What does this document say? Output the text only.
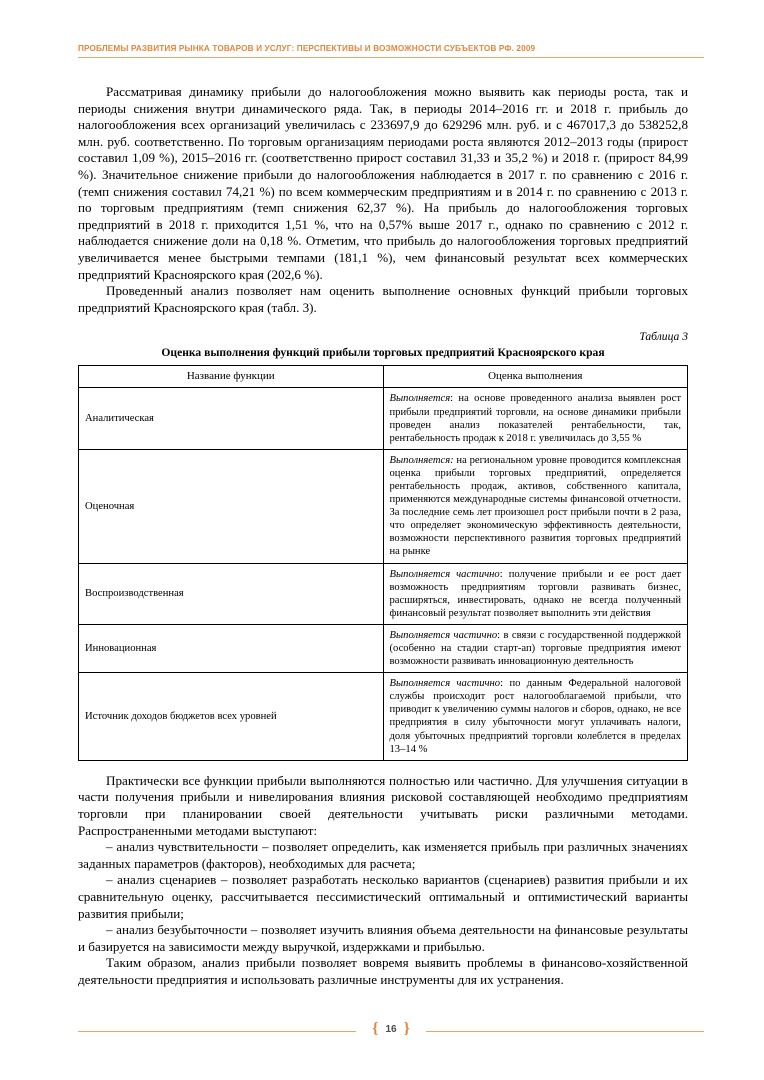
ПРОБЛЕМЫ РАЗВИТИЯ РЫНКА ТОВАРОВ И УСЛУГ: ПЕРСПЕКТИВЫ И ВОЗМОЖНОСТИ СУБЪЕКТОВ РФ. 2009

Рассматривая динамику прибыли до налогообложения можно выявить как периоды роста, так и периоды снижения внутри динамического ряда. Так, в периоды 2014–2016 гг. и 2018 г. прибыль до налогообложения всех организаций увеличилась с 233697,9 до 629296 млн. руб. и с 467017,3 до 538252,8 млн. руб. соответственно. По торговым организациям периодами роста являются 2012–2013 годы (прирост составил 1,09 %), 2015–2016 гг. (соответственно прирост составил 31,33 и 35,2 %) и 2018 г. (прирост 84,99 %). Значительное снижение прибыли до налогообложения наблюдается в 2017 г. по сравнению с 2016 г. (темп снижения составил 74,21 %) по всем коммерческим предприятиям и в 2014 г. по сравнению с 2013 г. по торговым предприятиям (темп снижения 62,37 %). На прибыль до налогообложения торговых предприятий в 2018 г. приходится 1,51 %, что на 0,57% выше 2017 г., однако по сравнению с 2012 г. наблюдается снижение доли на 0,18 %. Отметим, что прибыль до налогообложения торговых предприятий увеличивается менее быстрыми темпами (181,1 %), чем финансовый результат всех коммерческих предприятий Красноярского края (202,6 %).

Проведенный анализ позволяет нам оценить выполнение основных функций прибыли торговых предприятий Красноярского края (табл. 3).

Таблица 3
Оценка выполнения функций прибыли торговых предприятий Красноярского края
Название функции	Оценка выполнения
Аналитическая	Выполняется: на основе проведенного анализа выявлен рост прибыли предприятий торговли, на основе динамики прибыли проведен анализ показателей рентабельности, так, рентабельность продаж к 2018 г. увеличилась до 3,55 %
Оценочная	Выполняется: на региональном уровне проводится комплексная оценка прибыли торговых предприятий, определяется рентабельность продаж, активов, собственного капитала, применяются международные системы финансовой отчетности. За последние семь лет произошел рост прибыли почти в 2 раза, что определяет экономическую эффективность деятельности, возможности перспективного развития торговых предприятий на рынке
Воспроизводственная	Выполняется частично: получение прибыли и ее рост дает возможность предприятиям торговли развивать бизнес, расширяться, инвестировать, однако не всегда полученный финансовый результат позволяет выполнить эти действия
Инновационная	Выполняется частично: в связи с государственной поддержкой (особенно на стадии старт-ап) торговые предприятия имеют возможности развивать инновационную деятельность
Источник доходов бюджетов всех уровней	Выполняется частично: по данным Федеральной налоговой службы происходит рост налогооблагаемой прибыли, что приводит к увеличению суммы налогов и сборов, однако, не все предприятия в силу убыточности могут уплачивать налоги, доля убыточных предприятий торговли колеблется в пределах 13–14 %

Практически все функции прибыли выполняются полностью или частично. Для улучшения ситуации в части получения прибыли и нивелирования влияния рисковой составляющей необходимо предприятиям торговли при планировании своей деятельности учитывать риски различными методами. Распространенными методами выступают:

– анализ чувствительности – позволяет определить, как изменяется прибыль при различных значениях заданных параметров (факторов), необходимых для расчета;

– анализ сценариев – позволяет разработать несколько вариантов (сценариев) развития прибыли и их сравнительную оценку, рассчитывается пессимистический оптимальный и оптимистический варианты развития прибыли;

– анализ безубыточности – позволяет изучить влияния объема деятельности на финансовые результаты и базируется на зависимости между выручкой, издержками и прибылью.

Таким образом, анализ прибыли позволяет вовремя выявить проблемы в финансово-хозяйственной деятельности предприятия и использовать различные инструменты для их устранения.

{ 16 }
